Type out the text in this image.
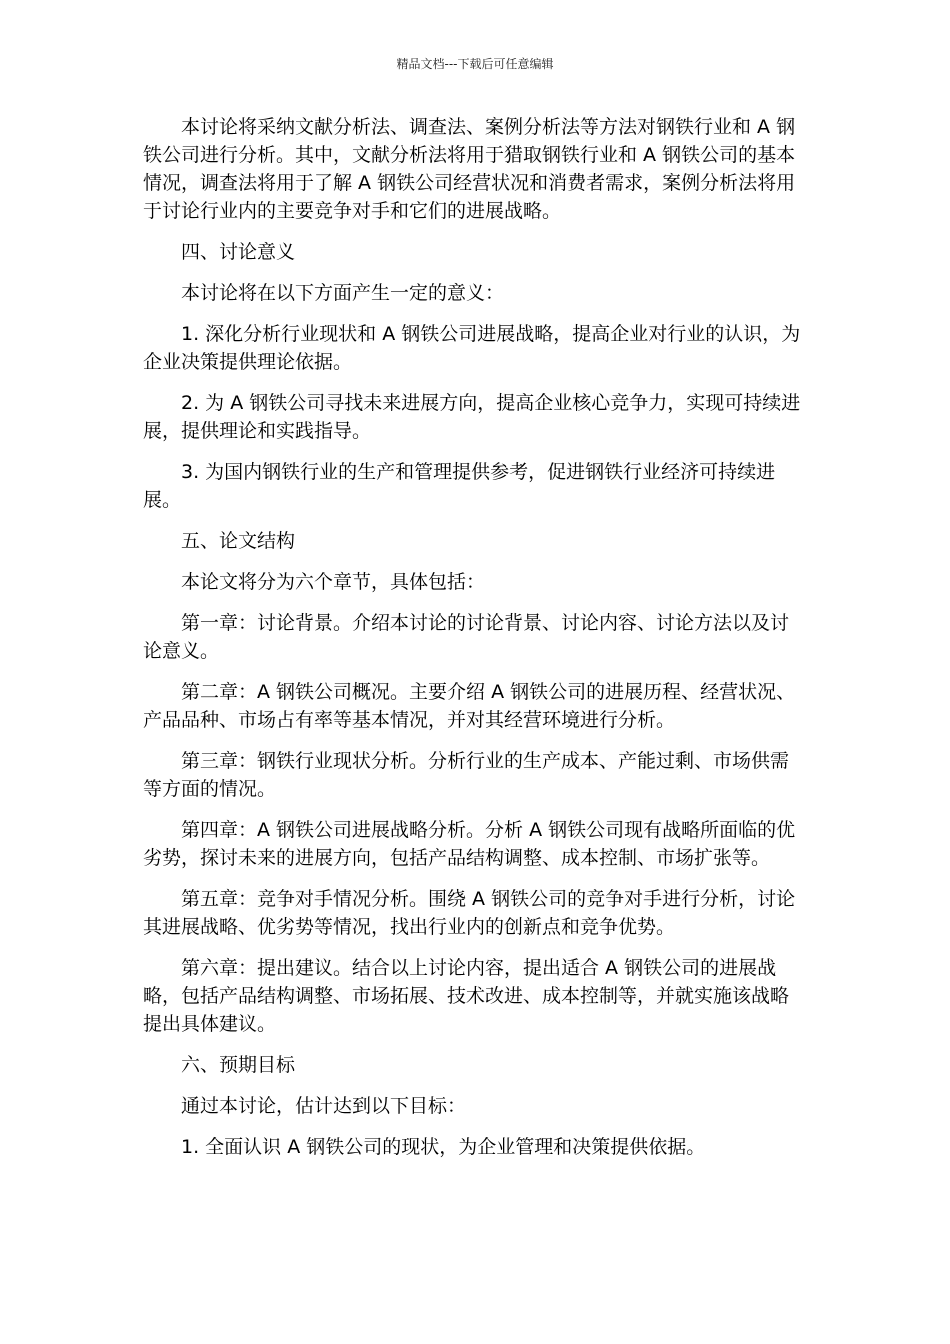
精品文档---下载后可任意编辑

本讨论将采纳文献分析法、调查法、案例分析法等方法对钢铁行业和 A 钢铁公司进行分析。其中，文献分析法将用于猎取钢铁行业和 A 钢铁公司的基本情况，调查法将用于了解 A 钢铁公司经营状况和消费者需求，案例分析法将用于讨论行业内的主要竞争对手和它们的进展战略。

四、讨论意义

本讨论将在以下方面产生一定的意义：

1. 深化分析行业现状和 A 钢铁公司进展战略，提高企业对行业的认识，为企业决策提供理论依据。

2. 为 A 钢铁公司寻找未来进展方向，提高企业核心竞争力，实现可持续进展，提供理论和实践指导。

3. 为国内钢铁行业的生产和管理提供参考，促进钢铁行业经济可持续进展。

五、论文结构

本论文将分为六个章节，具体包括：

第一章：讨论背景。介绍本讨论的讨论背景、讨论内容、讨论方法以及讨论意义。

第二章：A 钢铁公司概况。主要介绍 A 钢铁公司的进展历程、经营状况、产品品种、市场占有率等基本情况，并对其经营环境进行分析。

第三章：钢铁行业现状分析。分析行业的生产成本、产能过剩、市场供需等方面的情况。

第四章：A 钢铁公司进展战略分析。分析 A 钢铁公司现有战略所面临的优劣势，探讨未来的进展方向，包括产品结构调整、成本控制、市场扩张等。

第五章：竞争对手情况分析。围绕 A 钢铁公司的竞争对手进行分析，讨论其进展战略、优劣势等情况，找出行业内的创新点和竞争优势。

第六章：提出建议。结合以上讨论内容，提出适合 A 钢铁公司的进展战略，包括产品结构调整、市场拓展、技术改进、成本控制等，并就实施该战略提出具体建议。

六、预期目标

通过本讨论，估计达到以下目标：

1. 全面认识 A 钢铁公司的现状，为企业管理和决策提供依据。
